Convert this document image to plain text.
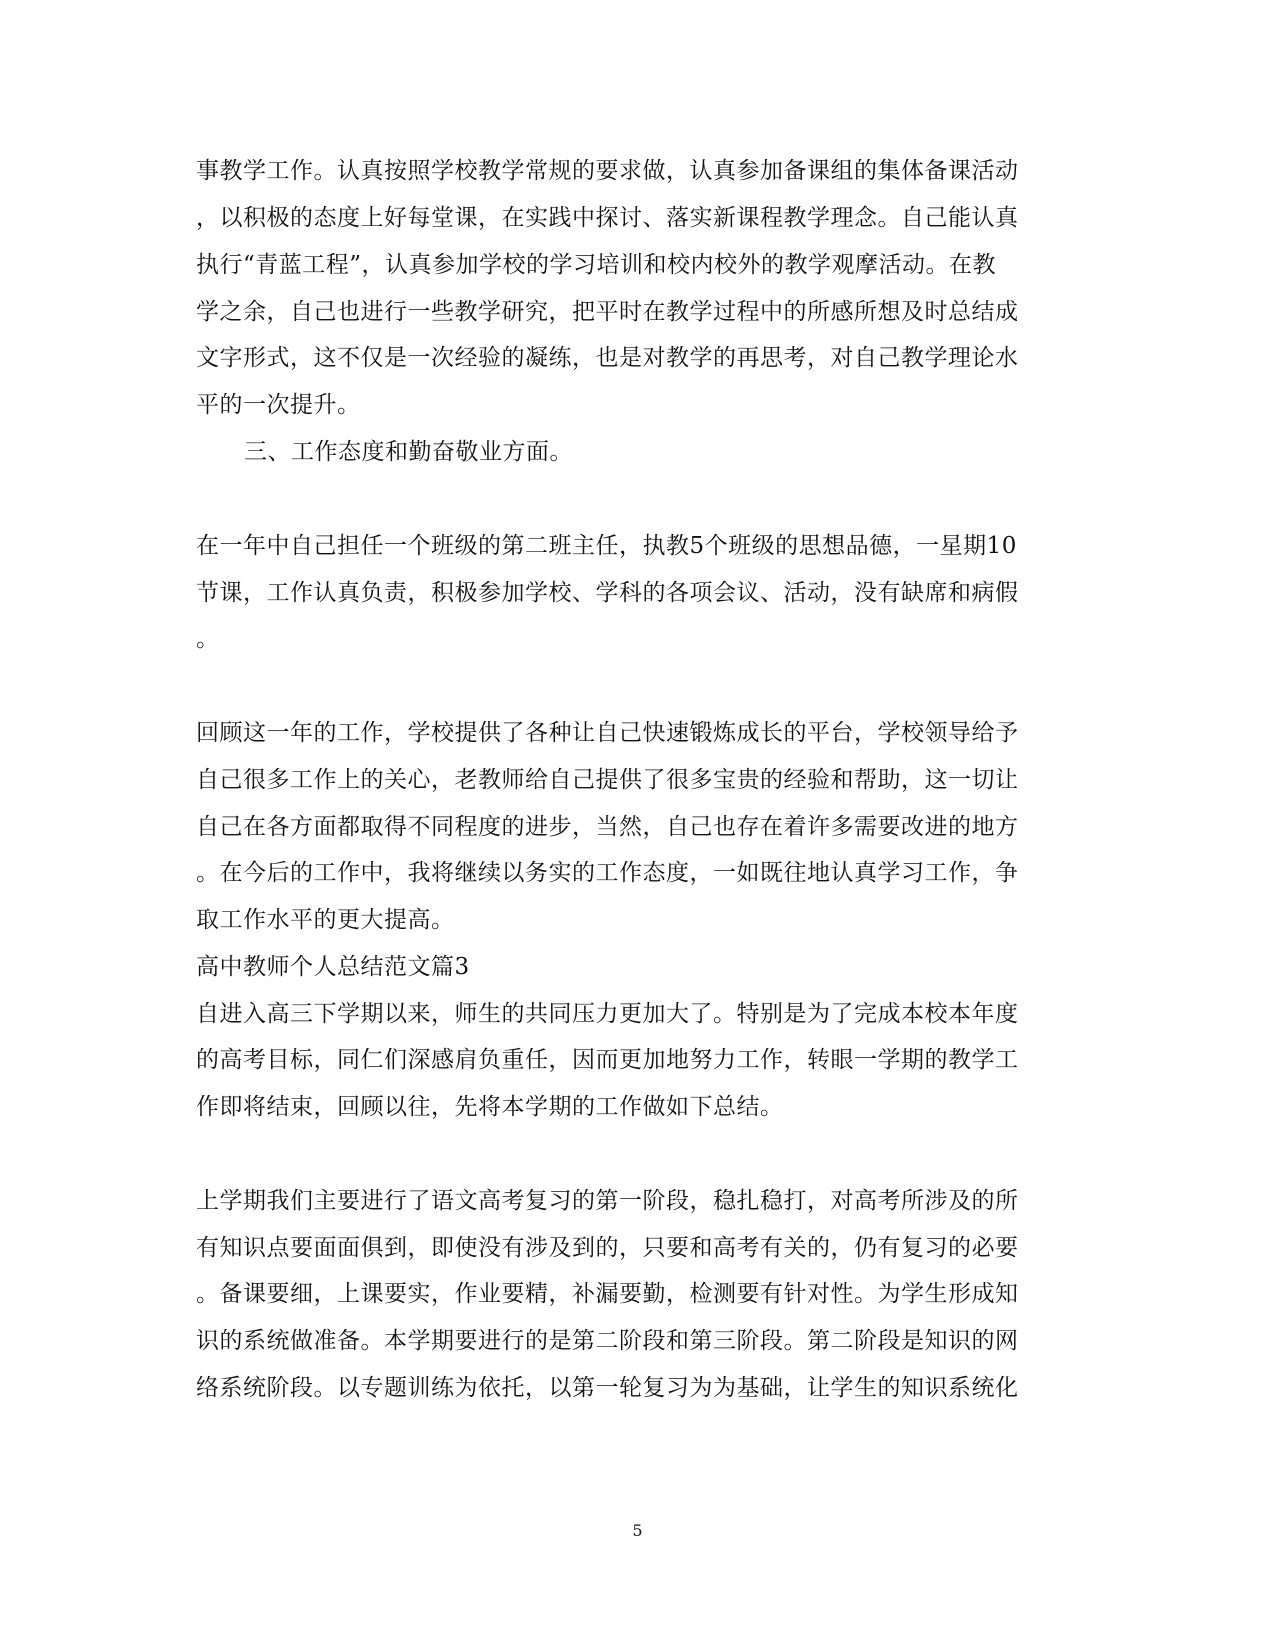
事教学工作。认真按照学校教学常规的要求做，认真参加备课组的集体备课活动
，以积极的态度上好每堂课，在实践中探讨、落实新课程教学理念。自己能认真
执行“青蓝工程”，认真参加学校的学习培训和校内校外的教学观摩活动。在教
学之余，自己也进行一些教学研究，把平时在教学过程中的所感所想及时总结成
文字形式，这不仅是一次经验的凝练，也是对教学的再思考，对自己教学理论水
平的一次提升。
三、工作态度和勤奋敬业方面。
在一年中自己担任一个班级的第二班主任，执教5个班级的思想品德，一星期10
节课，工作认真负责，积极参加学校、学科的各项会议、活动，没有缺席和病假
。
回顾这一年的工作，学校提供了各种让自己快速锻炼成长的平台，学校领导给予
自己很多工作上的关心，老教师给自己提供了很多宝贵的经验和帮助，这一切让
自己在各方面都取得不同程度的进步，当然，自己也存在着许多需要改进的地方
。在今后的工作中，我将继续以务实的工作态度，一如既往地认真学习工作，争
取工作水平的更大提高。
高中教师个人总结范文篇3
自进入高三下学期以来，师生的共同压力更加大了。特别是为了完成本校本年度
的高考目标，同仁们深感肩负重任，因而更加地努力工作，转眼一学期的教学工
作即将结束，回顾以往，先将本学期的工作做如下总结。
上学期我们主要进行了语文高考复习的第一阶段，稳扎稳打，对高考所涉及的所
有知识点要面面俱到，即使没有涉及到的，只要和高考有关的，仍有复习的必要
。备课要细，上课要实，作业要精，补漏要勤，检测要有针对性。为学生形成知
识的系统做准备。本学期要进行的是第二阶段和第三阶段。第二阶段是知识的网
络系统阶段。以专题训练为依托，以第一轮复习为为基础，让学生的知识系统化
5
